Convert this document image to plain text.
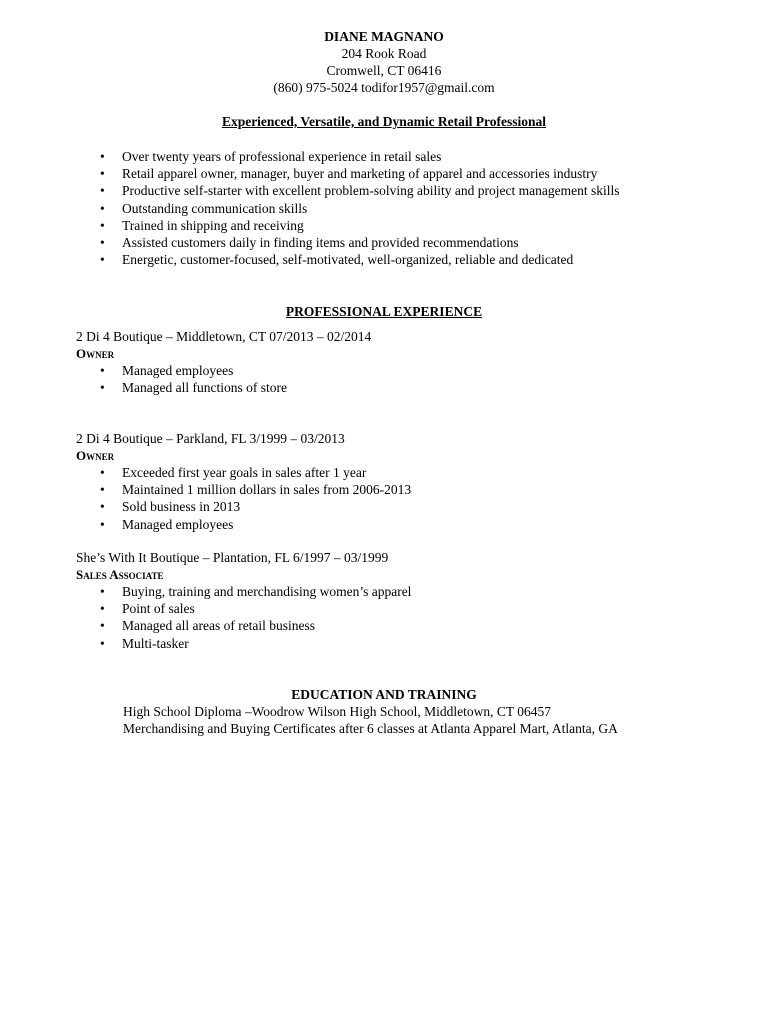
DIANE MAGNANO
204 Rook Road
Cromwell, CT 06416
(860) 975-5024 todifor1957@gmail.com
Experienced, Versatile, and Dynamic Retail Professional
• Over twenty years of professional experience in retail sales
• Retail apparel owner, manager, buyer and marketing of apparel and accessories industry
• Productive self-starter with excellent problem-solving ability and project management skills
• Outstanding communication skills
• Trained in shipping and receiving
• Assisted customers daily in finding items and provided recommendations
• Energetic, customer-focused, self-motivated, well-organized, reliable and dedicated
PROFESSIONAL EXPERIENCE
2 Di 4 Boutique – Middletown, CT 07/2013 – 02/2014
Owner
• Managed employees
• Managed all functions of store
2 Di 4 Boutique – Parkland, FL 3/1999 – 03/2013
Owner
• Exceeded first year goals in sales after 1 year
• Maintained 1 million dollars in sales from 2006-2013
• Sold business in 2013
• Managed employees
She’s With It Boutique – Plantation, FL 6/1997 – 03/1999
Sales Associate
• Buying, training and merchandising women’s apparel
• Point of sales
• Managed all areas of retail business
• Multi-tasker
EDUCATION AND TRAINING
High School Diploma –Woodrow Wilson High School, Middletown, CT 06457
Merchandising and Buying Certificates after 6 classes at Atlanta Apparel Mart, Atlanta, GA
